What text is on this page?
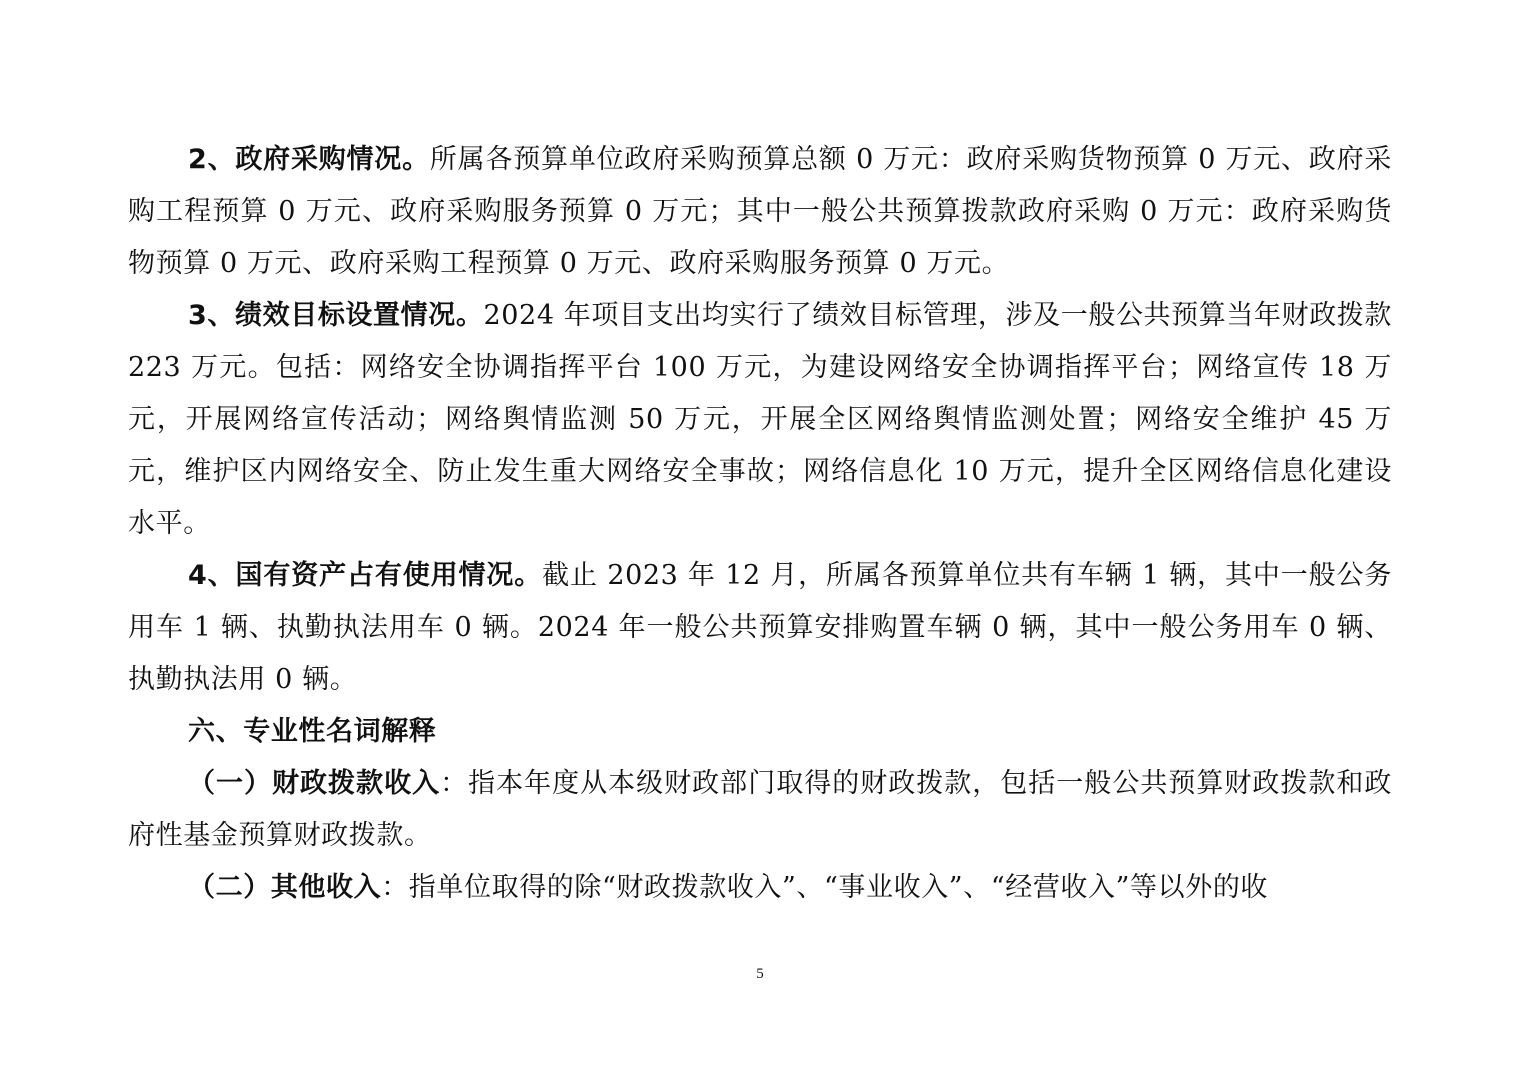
2、政府采购情况。所属各预算单位政府采购预算总额 0 万元：政府采购货物预算 0 万元、政府采购工程预算 0 万元、政府采购服务预算 0 万元；其中一般公共预算拨款政府采购 0 万元：政府采购货物预算 0 万元、政府采购工程预算 0 万元、政府采购服务预算 0 万元。

3、绩效目标设置情况。2024 年项目支出均实行了绩效目标管理，涉及一般公共预算当年财政拨款 223 万元。包括：网络安全协调指挥平台 100 万元，为建设网络安全协调指挥平台；网络宣传 18 万元，开展网络宣传活动；网络舆情监测 50 万元，开展全区网络舆情监测处置；网络安全维护 45 万元，维护区内网络安全、防止发生重大网络安全事故；网络信息化 10 万元，提升全区网络信息化建设水平。

4、国有资产占有使用情况。截止 2023 年 12 月，所属各预算单位共有车辆 1 辆，其中一般公务用车 1 辆、执勤执法用车 0 辆。2024 年一般公共预算安排购置车辆 0 辆，其中一般公务用车 0 辆、执勤执法用 0 辆。

六、专业性名词解释

（一）财政拨款收入：指本年度从本级财政部门取得的财政拨款，包括一般公共预算财政拨款和政府性基金预算财政拨款。

（二）其他收入：指单位取得的除“财政拨款收入”、“事业收入”、“经营收入”等以外的收

5
